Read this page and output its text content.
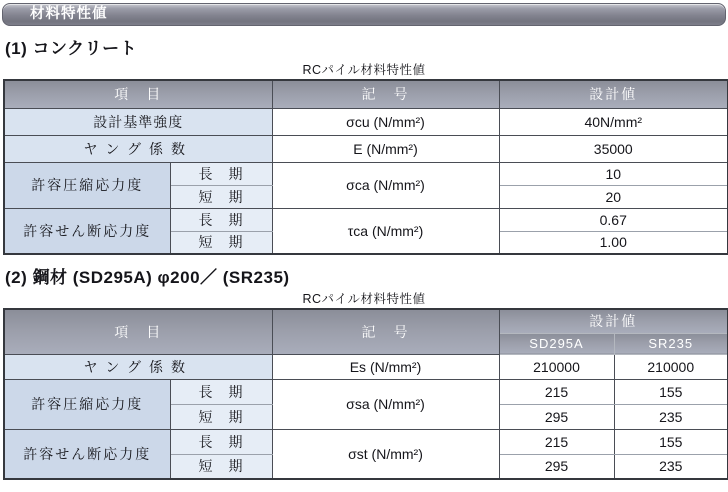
材料特性値
(1) コンクリート
RCパイル材料特性値
項　目		記　号	設計値
設計基準強度		σcu (N/mm²)	40N/mm²
ヤング係数		E (N/mm²)	35000
許容圧縮応力度	長　期	σca (N/mm²)	10
	短　期		20
許容せん断応力度	長　期	τca (N/mm²)	0.67
	短　期		1.00
(2) 鋼材 (SD295A) φ200／ (SR235)
RCパイル材料特性値
項　目		記　号	設計値	
			SD295A	SR235
ヤング係数		Es (N/mm²)	210000	210000
許容圧縮応力度	長　期	σsa (N/mm²)	215	155
	短　期		295	235
許容せん断応力度	長　期	σst (N/mm²)	215	155
	短　期		295	235
